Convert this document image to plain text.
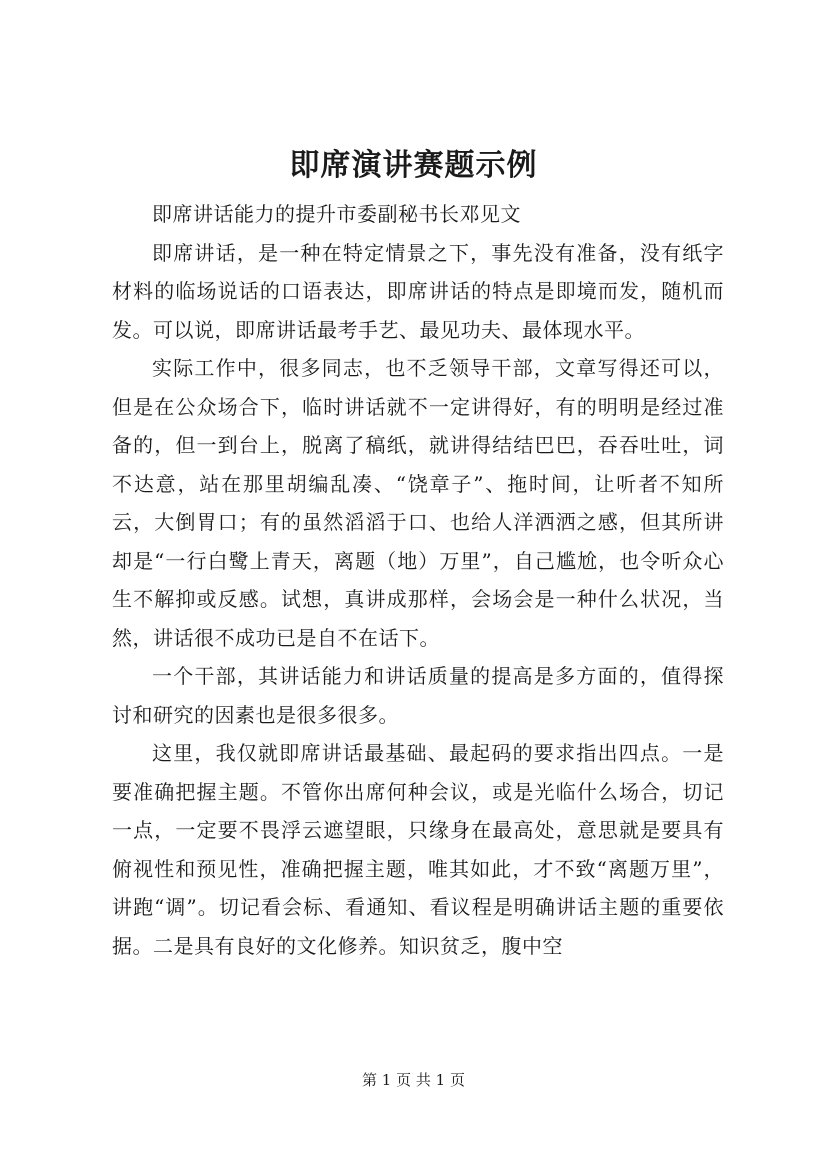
即席演讲赛题示例

即席讲话能力的提升市委副秘书长邓见文

即席讲话，是一种在特定情景之下，事先没有准备，没有纸字材料的临场说话的口语表达，即席讲话的特点是即境而发，随机而发。可以说，即席讲话最考手艺、最见功夫、最体现水平。

实际工作中，很多同志，也不乏领导干部，文章写得还可以，但是在公众场合下，临时讲话就不一定讲得好，有的明明是经过准备的，但一到台上，脱离了稿纸，就讲得结结巴巴，吞吞吐吐，词不达意，站在那里胡编乱凑、“饶章子”、拖时间，让听者不知所云，大倒胃口；有的虽然滔滔于口、也给人洋洒洒之感，但其所讲却是“一行白鹭上青天，离题（地）万里”，自己尴尬，也令听众心生不解抑或反感。试想，真讲成那样，会场会是一种什么状况，当然，讲话很不成功已是自不在话下。

一个干部，其讲话能力和讲话质量的提高是多方面的，值得探讨和研究的因素也是很多很多。

这里，我仅就即席讲话最基础、最起码的要求指出四点。一是要准确把握主题。不管你出席何种会议，或是光临什么场合，切记一点，一定要不畏浮云遮望眼，只缘身在最高处，意思就是要具有俯视性和预见性，准确把握主题，唯其如此，才不致“离题万里”，讲跑“调”。切记看会标、看通知、看议程是明确讲话主题的重要依据。二是具有良好的文化修养。知识贫乏，腹中空

第 1 页 共 1 页
